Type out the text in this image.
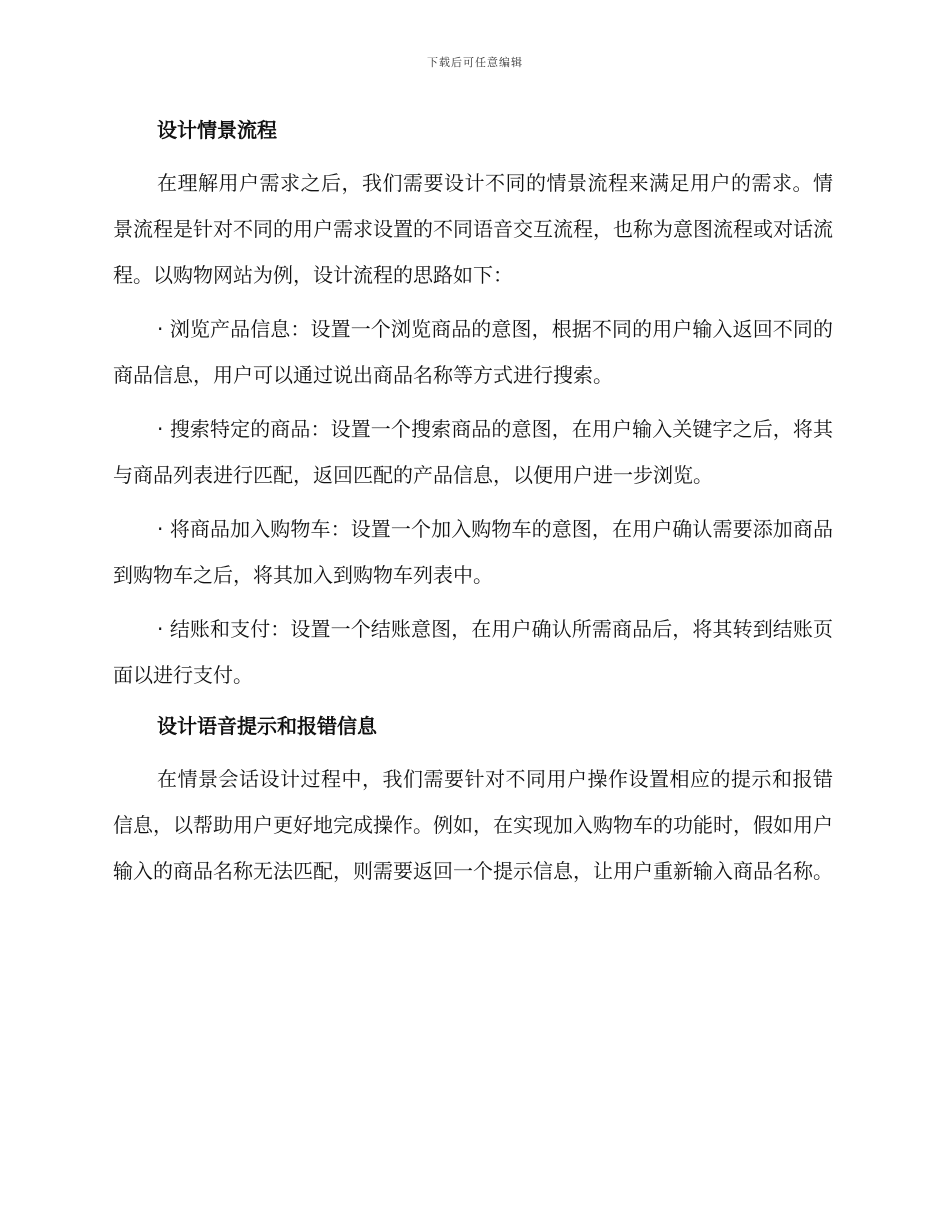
下载后可任意编辑
设计情景流程

在理解用户需求之后，我们需要设计不同的情景流程来满足用户的需求。情景流程是针对不同的用户需求设置的不同语音交互流程，也称为意图流程或对话流程。以购物网站为例，设计流程的思路如下：

· 浏览产品信息：设置一个浏览商品的意图，根据不同的用户输入返回不同的商品信息，用户可以通过说出商品名称等方式进行搜索。

· 搜索特定的商品：设置一个搜索商品的意图，在用户输入关键字之后，将其与商品列表进行匹配，返回匹配的产品信息，以便用户进一步浏览。

· 将商品加入购物车：设置一个加入购物车的意图，在用户确认需要添加商品到购物车之后，将其加入到购物车列表中。

· 结账和支付：设置一个结账意图，在用户确认所需商品后，将其转到结账页面以进行支付。

设计语音提示和报错信息

在情景会话设计过程中，我们需要针对不同用户操作设置相应的提示和报错信息，以帮助用户更好地完成操作。例如，在实现加入购物车的功能时，假如用户输入的商品名称无法匹配，则需要返回一个提示信息，让用户重新输入商品名称。
